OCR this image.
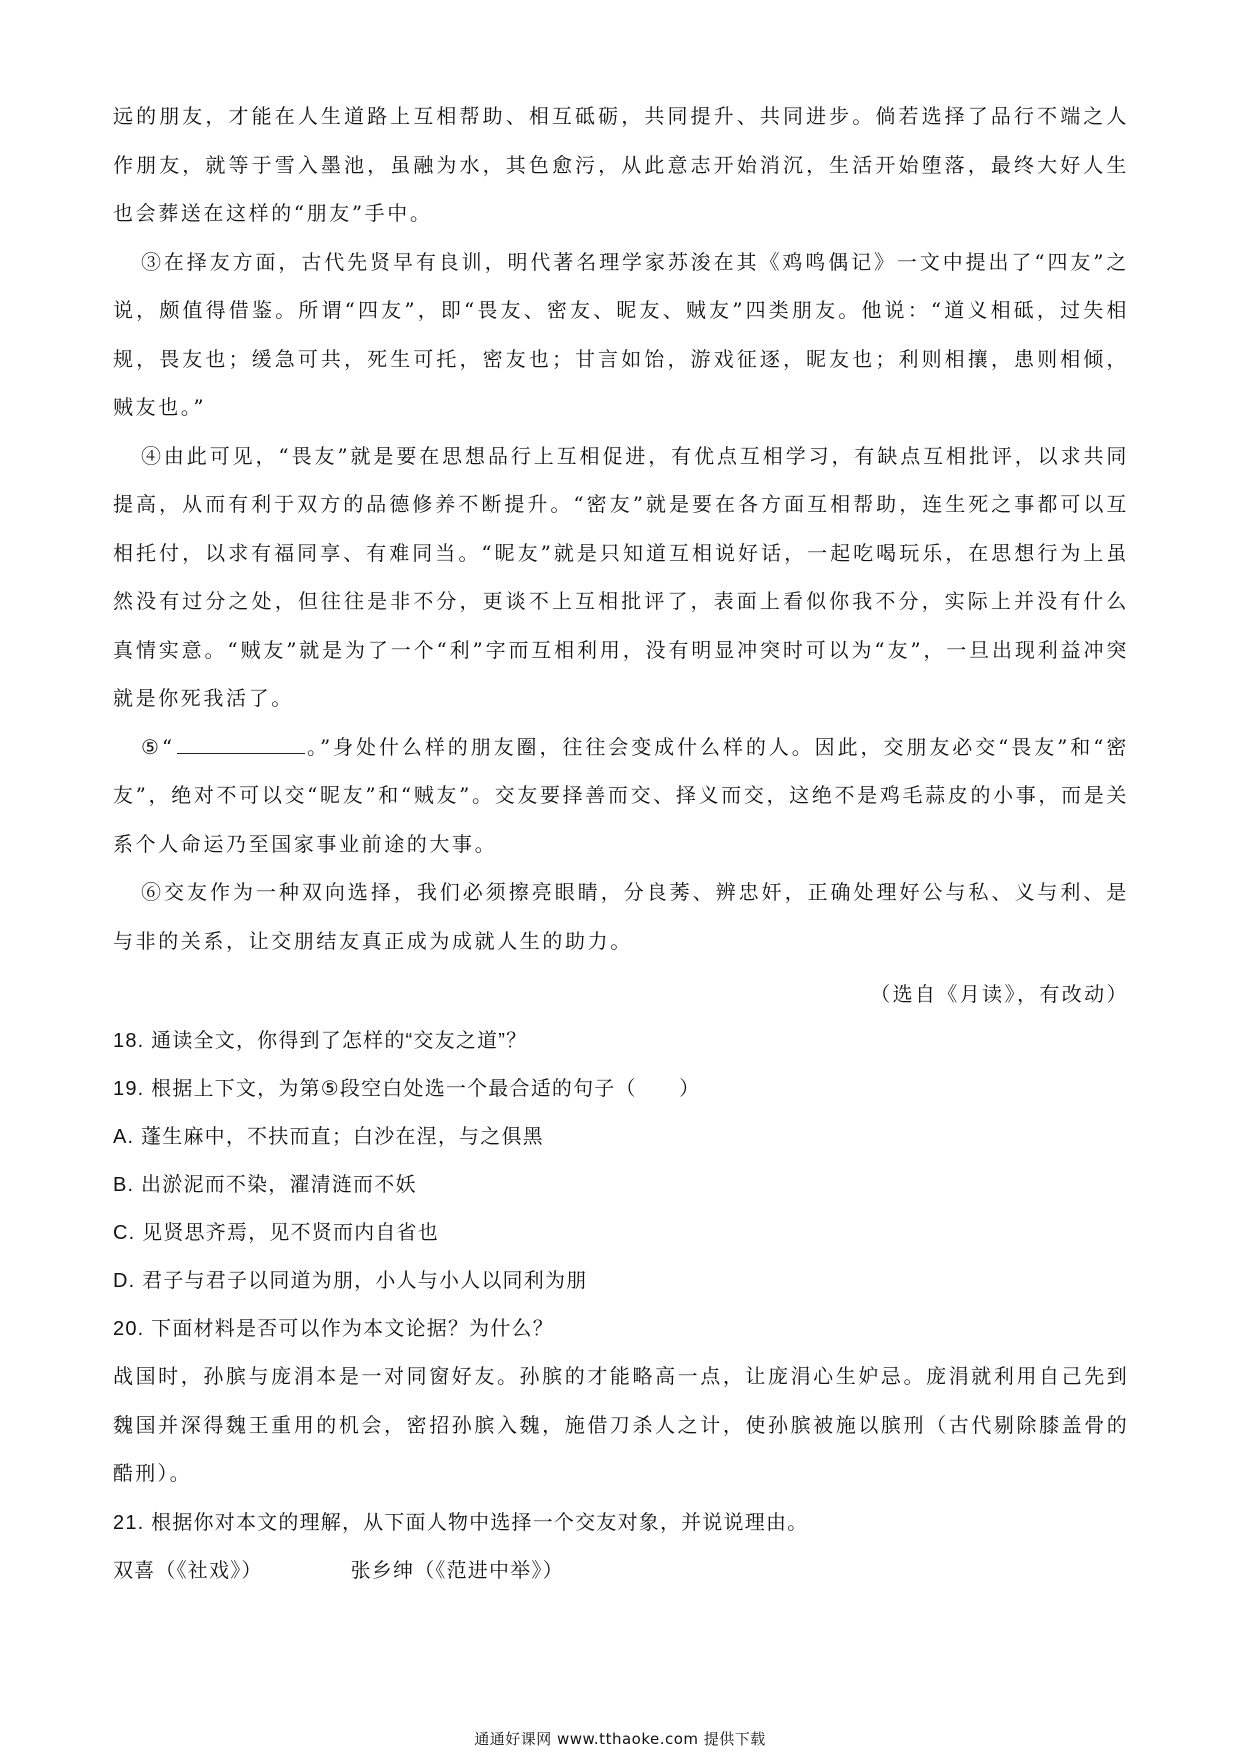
远的朋友，才能在人生道路上互相帮助、相互砥砺，共同提升、共同进步。倘若选择了品行不端之人作朋友，就等于雪入墨池，虽融为水，其色愈污，从此意志开始消沉，生活开始堕落，最终大好人生也会葬送在这样的“朋友”手中。

③在择友方面，古代先贤早有良训，明代著名理学家苏浚在其《鸡鸣偶记》一文中提出了“四友”之说，颇值得借鉴。所谓“四友”，即“畏友、密友、昵友、贼友”四类朋友。他说：“道义相砥，过失相规，畏友也；缓急可共，死生可托，密友也；甘言如饴，游戏征逐，昵友也；利则相攘，患则相倾，贼友也。”

④由此可见，“畏友”就是要在思想品行上互相促进，有优点互相学习，有缺点互相批评，以求共同提高，从而有利于双方的品德修养不断提升。“密友”就是要在各方面互相帮助，连生死之事都可以互相托付，以求有福同享、有难同当。“昵友”就是只知道互相说好话，一起吃喝玩乐，在思想行为上虽然没有过分之处，但往往是非不分，更谈不上互相批评了，表面上看似你我不分，实际上并没有什么真情实意。“贼友”就是为了一个“利”字而互相利用，没有明显冲突时可以为“友”，一旦出现利益冲突就是你死我活了。

⑤“	。”身处什么样的朋友圈，往往会变成什么样的人。因此，交朋友必交“畏友”和“密友”，绝对不可以交“昵友”和“贼友”。交友要择善而交、择义而交，这绝不是鸡毛蒜皮的小事，而是关系个人命运乃至国家事业前途的大事。

⑥交友作为一种双向选择，我们必须擦亮眼睛，分良莠、辨忠奸，正确处理好公与私、义与利、是与非的关系，让交朋结友真正成为成就人生的助力。

（选自《月读》，有改动）

18. 通读全文，你得到了怎样的“交友之道”？

19. 根据上下文，为第⑤段空白处选一个最合适的句子（　　）

A. 蓬生麻中，不扶而直；白沙在涅，与之俱黑

B. 出淤泥而不染，濯清涟而不妖

C. 见贤思齐焉，见不贤而内自省也

D. 君子与君子以同道为朋，小人与小人以同利为朋

20. 下面材料是否可以作为本文论据？为什么？

战国时，孙膑与庞涓本是一对同窗好友。孙膑的才能略高一点，让庞涓心生妒忌。庞涓就利用自己先到魏国并深得魏王重用的机会，密招孙膑入魏，施借刀杀人之计，使孙膑被施以膑刑（古代剔除膝盖骨的酷刑）。

21. 根据你对本文的理解，从下面人物中选择一个交友对象，并说说理由。

双喜（《社戏》）	张乡绅（《范进中举》）

通通好课网 www.tthaoke.com 提供下载
